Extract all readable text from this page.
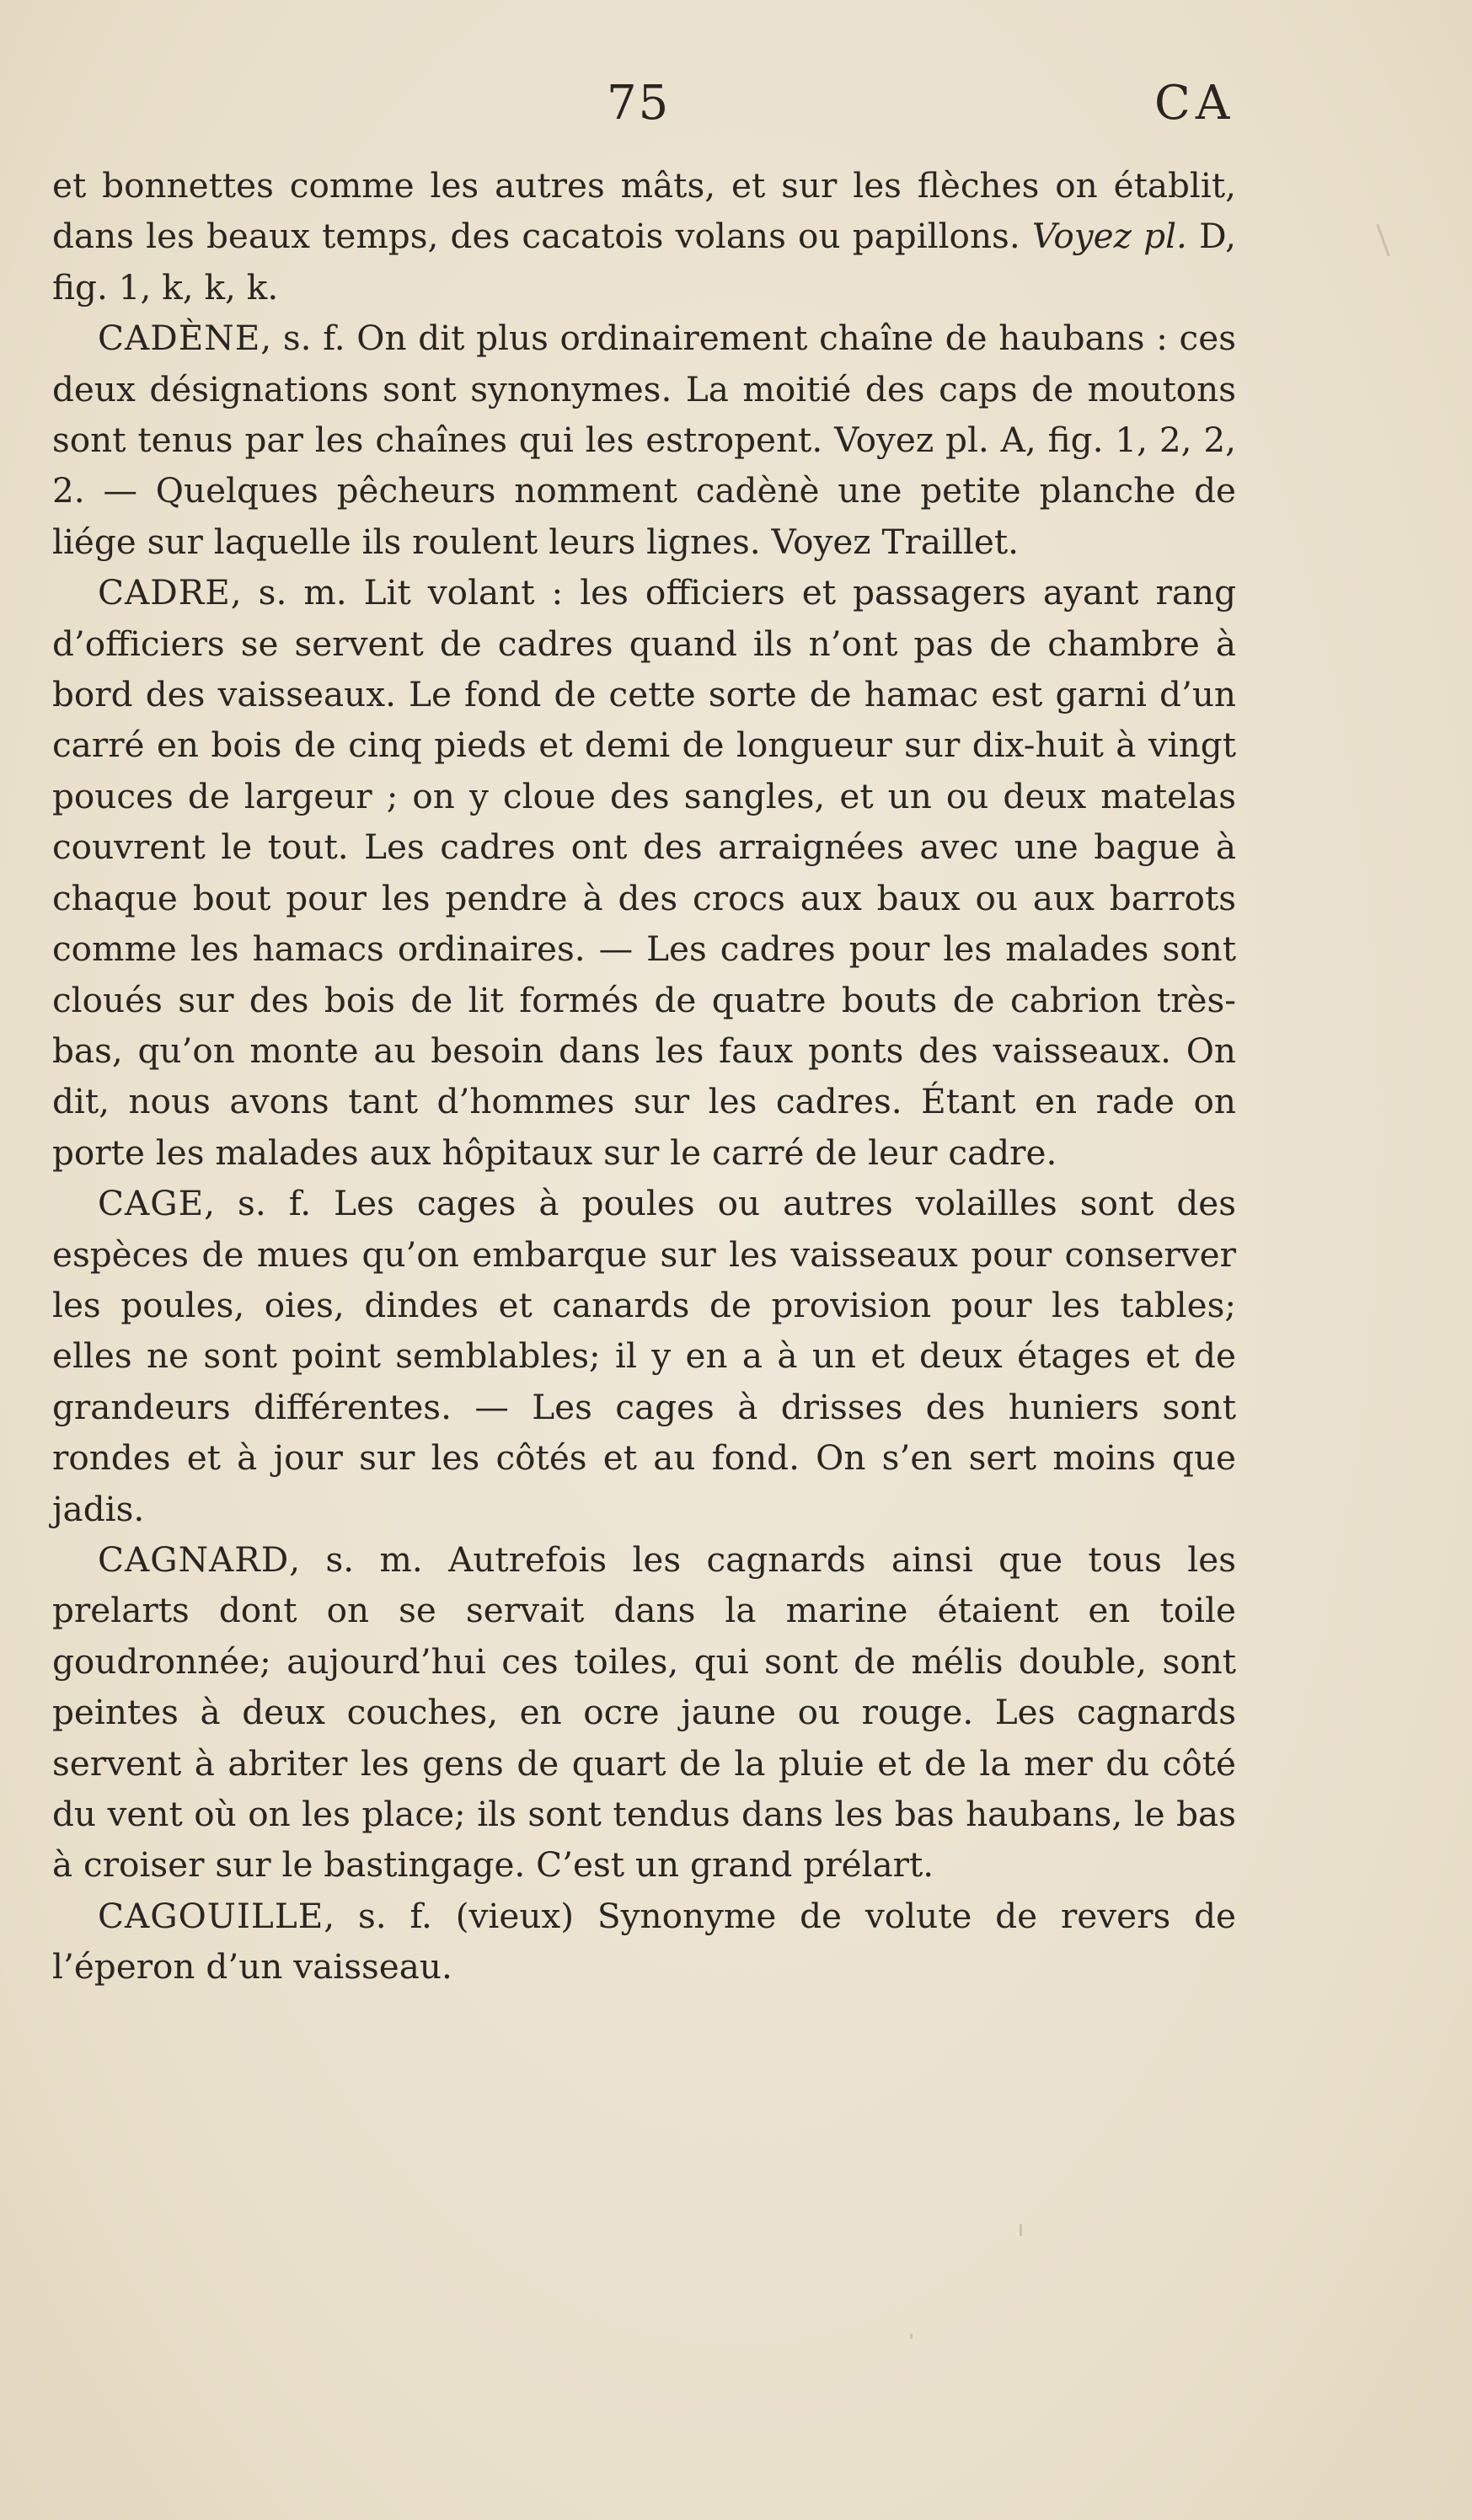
75	CA

et bonnettes comme les autres mâts, et sur les flèches on établit, dans les beaux temps, des cacatois volans ou papillons. Voyez pl. D, fig. 1, k, k, k.

CADÈNE, s. f. On dit plus ordinairement chaîne de haubans : ces deux désignations sont synonymes. La moitié des caps de moutons sont tenus par les chaînes qui les estropent. Voyez pl. A, fig. 1, 2, 2, 2. — Quelques pêcheurs nomment cadènè une petite planche de liége sur laquelle ils roulent leurs lignes. Voyez Traillet.

CADRE, s. m. Lit volant : les officiers et passagers ayant rang d’officiers se servent de cadres quand ils n’ont pas de chambre à bord des vaisseaux. Le fond de cette sorte de hamac est garni d’un carré en bois de cinq pieds et demi de longueur sur dix-huit à vingt pouces de largeur ; on y cloue des sangles, et un ou deux matelas couvrent le tout. Les cadres ont des arraignées avec une bague à chaque bout pour les pendre à des crocs aux baux ou aux barrots comme les hamacs ordinaires. — Les cadres pour les malades sont cloués sur des bois de lit formés de quatre bouts de cabrion très-bas, qu’on monte au besoin dans les faux ponts des vaisseaux. On dit, nous avons tant d’hommes sur les cadres. Étant en rade on porte les malades aux hôpitaux sur le carré de leur cadre.

CAGE, s. f. Les cages à poules ou autres volailles sont des espèces de mues qu’on embarque sur les vaisseaux pour conserver les poules, oies, dindes et canards de provision pour les tables; elles ne sont point semblables; il y en a à un et deux étages et de grandeurs différentes. — Les cages à drisses des huniers sont rondes et à jour sur les côtés et au fond. On s’en sert moins que jadis.

CAGNARD, s. m. Autrefois les cagnards ainsi que tous les prelarts dont on se servait dans la marine étaient en toile goudronnée; aujourd’hui ces toiles, qui sont de mélis double, sont peintes à deux couches, en ocre jaune ou rouge. Les cagnards servent à abriter les gens de quart de la pluie et de la mer du côté du vent où on les place; ils sont tendus dans les bas haubans, le bas à croiser sur le bastingage. C’est un grand prélart.

CAGOUILLE, s. f. (vieux) Synonyme de volute de revers de l’éperon d’un vaisseau.
